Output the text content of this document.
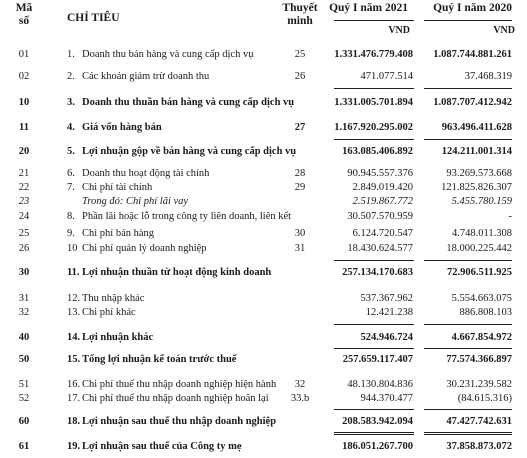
Mã số	CHỈ TIÊU
Thuyết minh
Quý I năm 2021	Quý I năm 2020
VND	VND
01	1. Doanh thu bán hàng và cung cấp dịch vụ	25	1.331.476.779.408	1.087.744.881.261
02	2. Các khoản giảm trừ doanh thu	26	471.077.514	37.468.319
10	3. Doanh thu thuần bán hàng và cung cấp dịch vụ	1.331.005.701.894	1.087.707.412.942
11	4. Giá vốn hàng bán	27	1.167.920.295.002	963.496.411.628
20	5. Lợi nhuận gộp về bán hàng và cung cấp dịch vụ	163.085.406.892	124.211.001.314
21	6. Doanh thu hoạt động tài chính	28	90.945.557.376	93.269.573.668
22	7. Chi phí tài chính	29	2.849.019.420	121.825.826.307
23	Trong đó: Chi phí lãi vay	2.519.867.772	5.455.780.159
24	8. Phần lãi hoặc lỗ trong công ty liên doanh, liên kết	30.507.570.959	-
25	9. Chi phí bán hàng	30	6.124.720.547	4.748.011.308
26	10 Chi phí quản lý doanh nghiệp	31	18.430.624.577	18.000.225.442
30	11. Lợi nhuận thuần từ hoạt động kinh doanh	257.134.170.683	72.906.511.925
31	12. Thu nhập khác	537.367.962	5.554.663.075
32	13. Chi phí khác	12.421.238	886.808.103
40	14. Lợi nhuận khác	524.946.724	4.667.854.972
50	15. Tổng lợi nhuận kế toán trước thuế	257.659.117.407	77.574.366.897
51	16. Chi phí thuế thu nhập doanh nghiệp hiện hành	32	48.130.804.836	30.231.239.582
52	17. Chi phí thuế thu nhập doanh nghiệp hoãn lại	33.b	944.370.477	(84.615.316)
60	18. Lợi nhuận sau thuế thu nhập doanh nghiệp	208.583.942.094	47.427.742.631
61	19. Lợi nhuận sau thuế của Công ty mẹ	186.051.267.700	37.858.873.072
